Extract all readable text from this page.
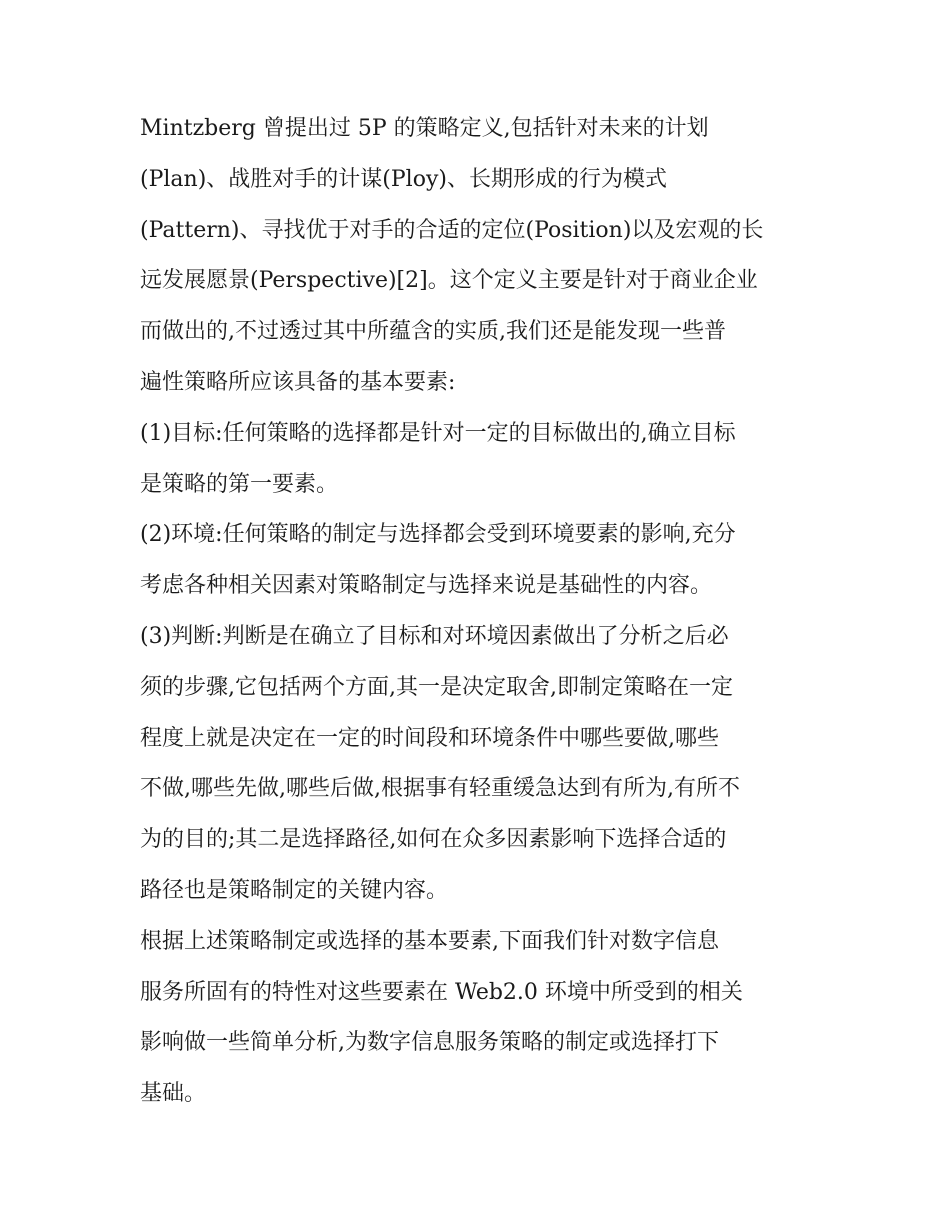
Mintzberg 曾提出过 5P 的策略定义,包括针对未来的计划
(Plan)、战胜对手的计谋(Ploy)、长期形成的行为模式
(Pattern)、寻找优于对手的合适的定位(Position)以及宏观的长
远发展愿景(Perspective)[2]。这个定义主要是针对于商业企业
而做出的,不过透过其中所蕴含的实质,我们还是能发现一些普
遍性策略所应该具备的基本要素:
(1)目标:任何策略的选择都是针对一定的目标做出的,确立目标
是策略的第一要素。
(2)环境:任何策略的制定与选择都会受到环境要素的影响,充分
考虑各种相关因素对策略制定与选择来说是基础性的内容。
(3)判断:判断是在确立了目标和对环境因素做出了分析之后必
须的步骤,它包括两个方面,其一是决定取舍,即制定策略在一定
程度上就是决定在一定的时间段和环境条件中哪些要做,哪些
不做,哪些先做,哪些后做,根据事有轻重缓急达到有所为,有所不
为的目的;其二是选择路径,如何在众多因素影响下选择合适的
路径也是策略制定的关键内容。
根据上述策略制定或选择的基本要素,下面我们针对数字信息
服务所固有的特性对这些要素在 Web2.0 环境中所受到的相关
影响做一些简单分析,为数字信息服务策略的制定或选择打下
基础。
